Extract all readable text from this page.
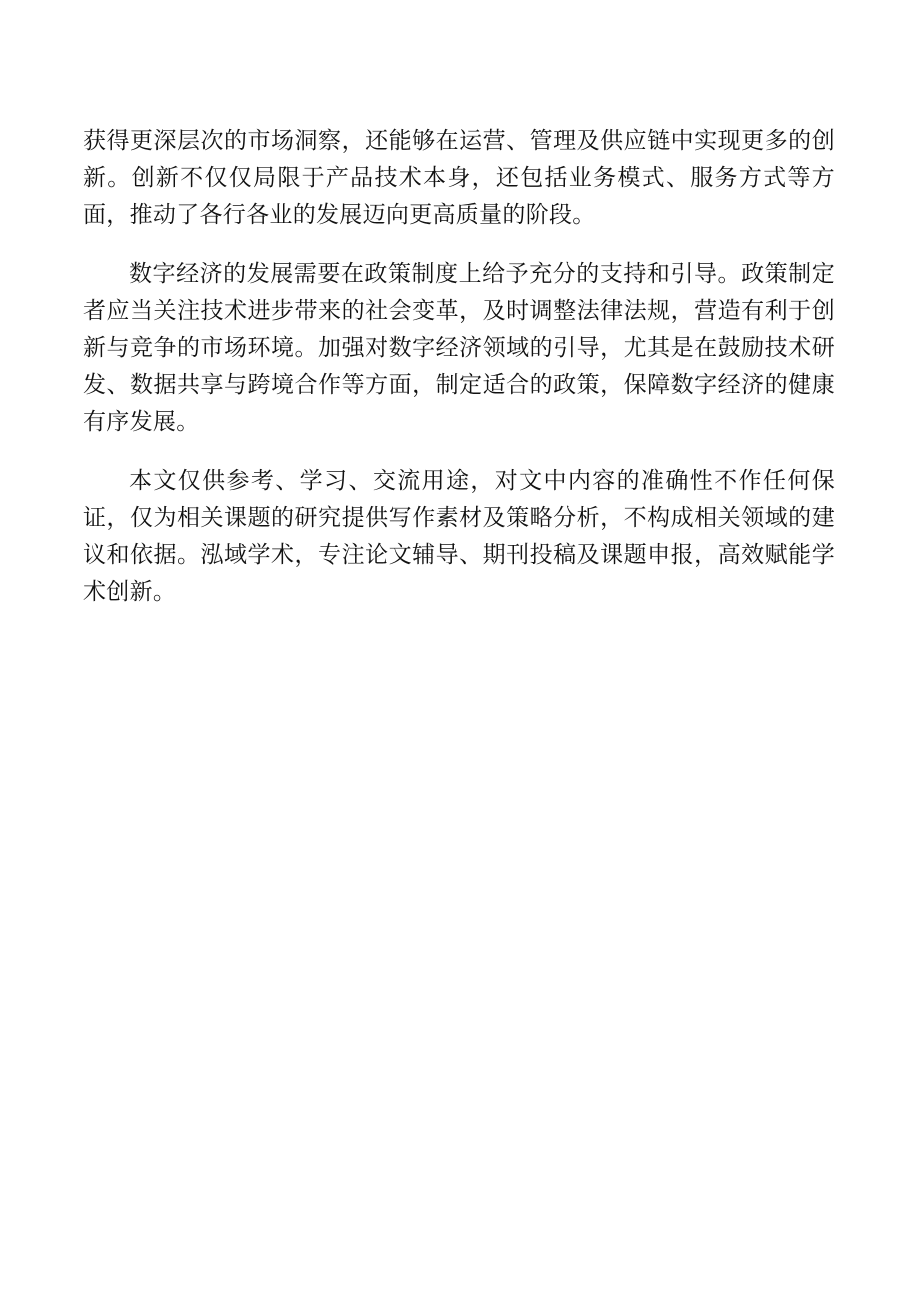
获得更深层次的市场洞察，还能够在运营、管理及供应链中实现更多的创新。创新不仅仅局限于产品技术本身，还包括业务模式、服务方式等方面，推动了各行各业的发展迈向更高质量的阶段。

数字经济的发展需要在政策制度上给予充分的支持和引导。政策制定者应当关注技术进步带来的社会变革，及时调整法律法规，营造有利于创新与竞争的市场环境。加强对数字经济领域的引导，尤其是在鼓励技术研发、数据共享与跨境合作等方面，制定适合的政策，保障数字经济的健康有序发展。

本文仅供参考、学习、交流用途，对文中内容的准确性不作任何保证，仅为相关课题的研究提供写作素材及策略分析，不构成相关领域的建议和依据。泓域学术，专注论文辅导、期刊投稿及课题申报，高效赋能学术创新。
